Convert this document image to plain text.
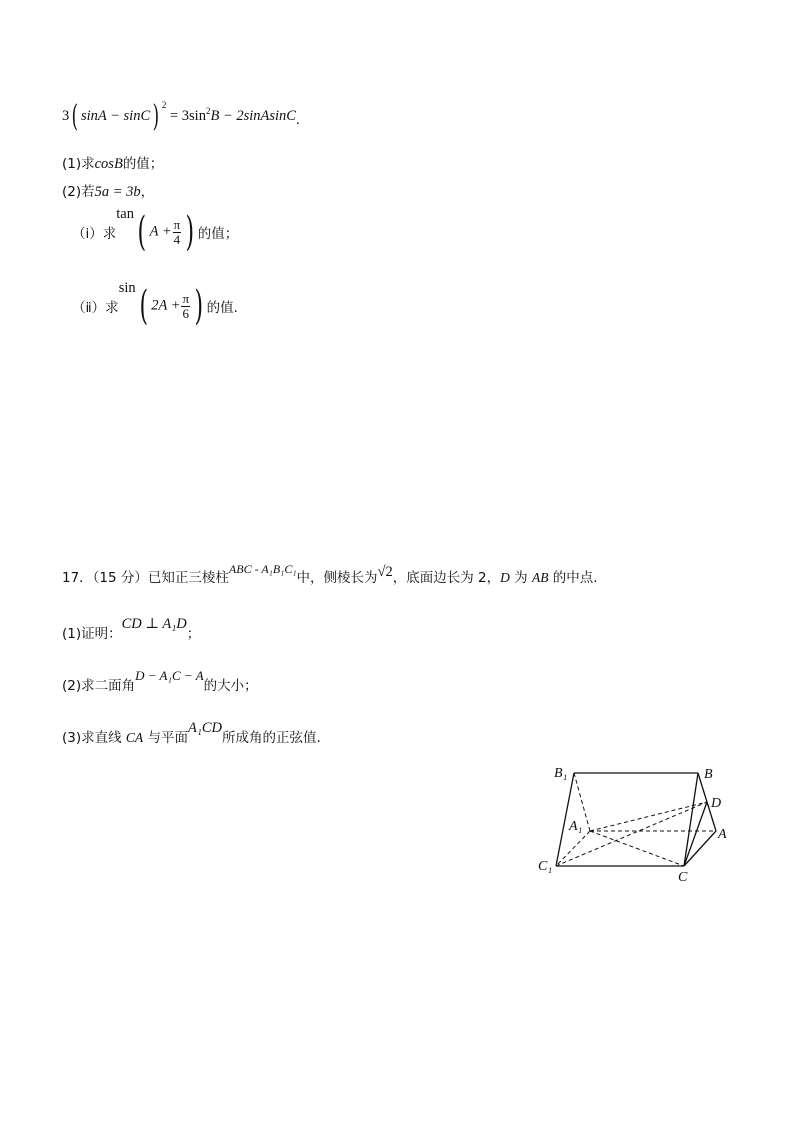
3( sinA − sinC) $^2 = 3\sin^2B$ − 2sinAsinC.
(1)求cosB的值；
(2)若5a = 3b，
（ⅰ）求tan( $A + \frac{\pi}{4}$ ) 的值；
（ⅱ）求sin( $2A + \frac{\pi}{6}$ ) 的值.
17．（15 分）已知正三棱柱ABC - A₁B₁C₁中，侧棱长为√2，底面边长为 2，D 为 AB 的中点.
(1)证明：CD ⊥ A₁D；
(2)求二面角D − A₁C − A的大小；
(3)求直线 CA 与平面A₁CD所成角的正弦值.
B₁	B
D
A₁
A
C₁
C
